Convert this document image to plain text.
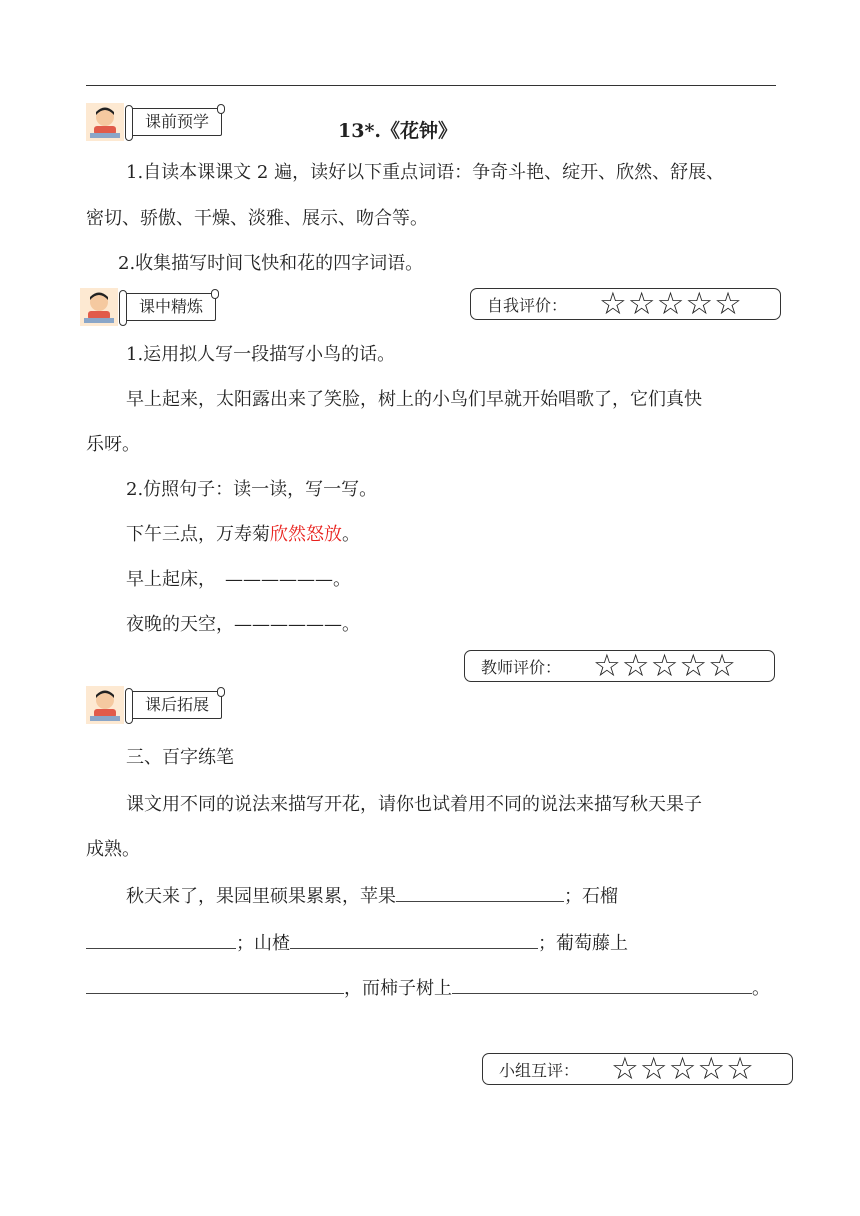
课前预学	13*.《花钟》
1.自读本课课文 2 遍，读好以下重点词语：争奇斗艳、绽开、欣然、舒展、
密切、骄傲、干燥、淡雅、展示、吻合等。
2.收集描写时间飞快和花的四字词语。
课中精炼	自我评价： ☆☆☆☆☆
1.运用拟人写一段描写小鸟的话。
早上起来，太阳露出来了笑脸，树上的小鸟们早就开始唱歌了，它们真快
乐呀。
2.仿照句子：读一读，写一写。
下午三点，万寿菊欣然怒放。
早上起床，　——————。
夜晚的天空，——————。
教师评价： ☆☆☆☆☆
课后拓展
三、百字练笔
课文用不同的说法来描写开花，请你也试着用不同的说法来描写秋天果子
成熟。
秋天来了，果园里硕果累累，苹果	；石榴
；山楂	；葡萄藤上
，而柿子树上	。
小组互评： ☆☆☆☆☆
